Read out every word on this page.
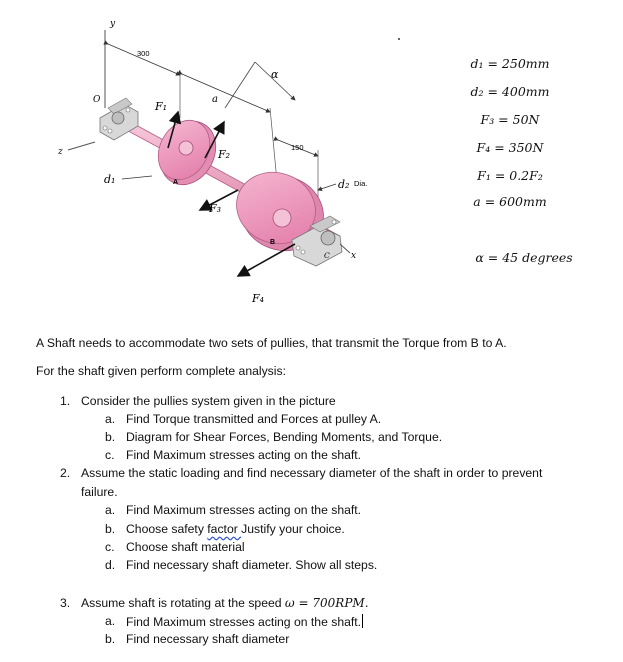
y
z
O
300
a
α
150
A
B
C x
F₁
F₂
F₃
F₄
d₁	d₂ Dia.
d₁ = 250mm
d₂ = 400mm
F₃ = 50N
F₄ = 350N
F₁ = 0.2F₂
a = 600mm
α = 45 degrees
A Shaft needs to accommodate two sets of pullies, that transmit the Torque from B to A.
For the shaft given perform complete analysis:
1. Consider the pullies system given in the picture
a. Find Torque transmitted and Forces at pulley A.
b. Diagram for Shear Forces, Bending Moments, and Torque.
c. Find Maximum stresses acting on the shaft.
2. Assume the static loading and find necessary diameter of the shaft in order to prevent
failure.
a. Find Maximum stresses acting on the shaft.
b. Choose safety factor Justify your choice.
c. Choose shaft material
d. Find necessary shaft diameter. Show all steps.
3. Assume shaft is rotating at the speed ω = 700RPM.
a. Find Maximum stresses acting on the shaft.
b. Find necessary shaft diameter
